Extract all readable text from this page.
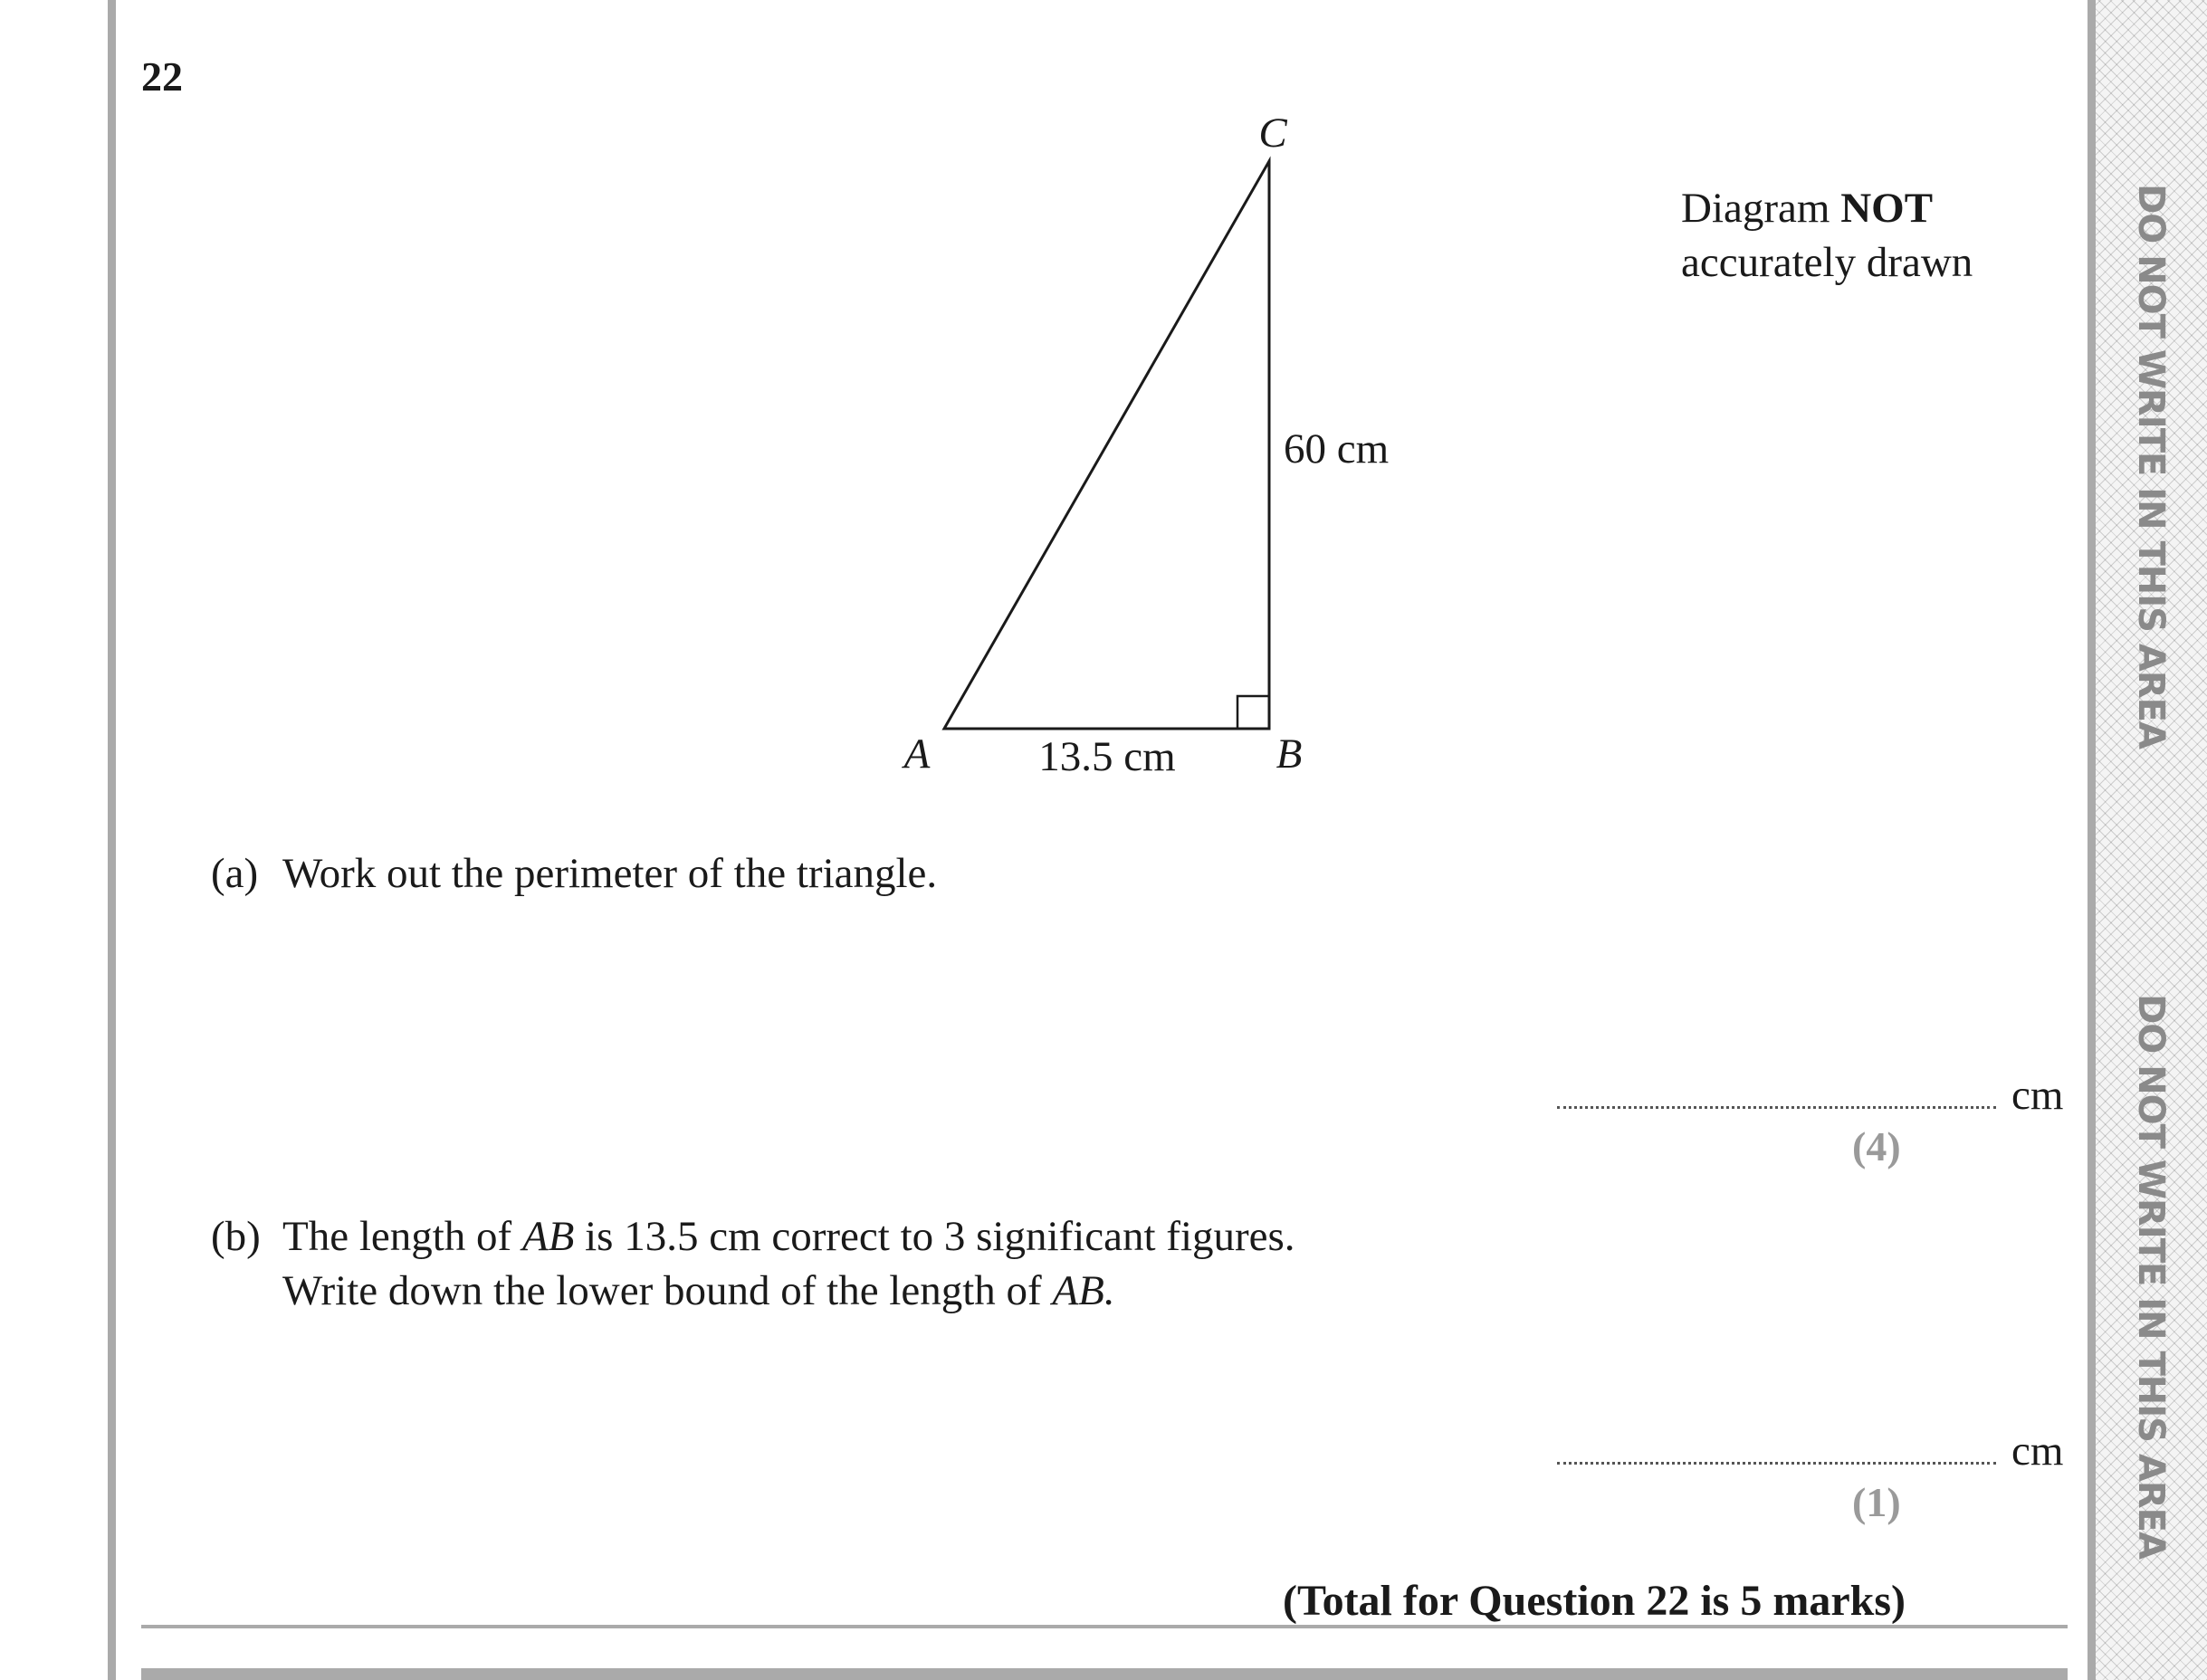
DO NOT WRITE IN THIS AREA
DO NOT WRITE IN THIS AREA
22
Diagram NOT
accurately drawn
C
A	B
13.5 cm
60 cm
(a) Work out the perimeter of the triangle.
cm
(4)
(b) The length of AB is 13.5 cm correct to 3 significant figures.
Write down the lower bound of the length of AB.
cm
(1)
(Total for Question 22 is 5 marks)
